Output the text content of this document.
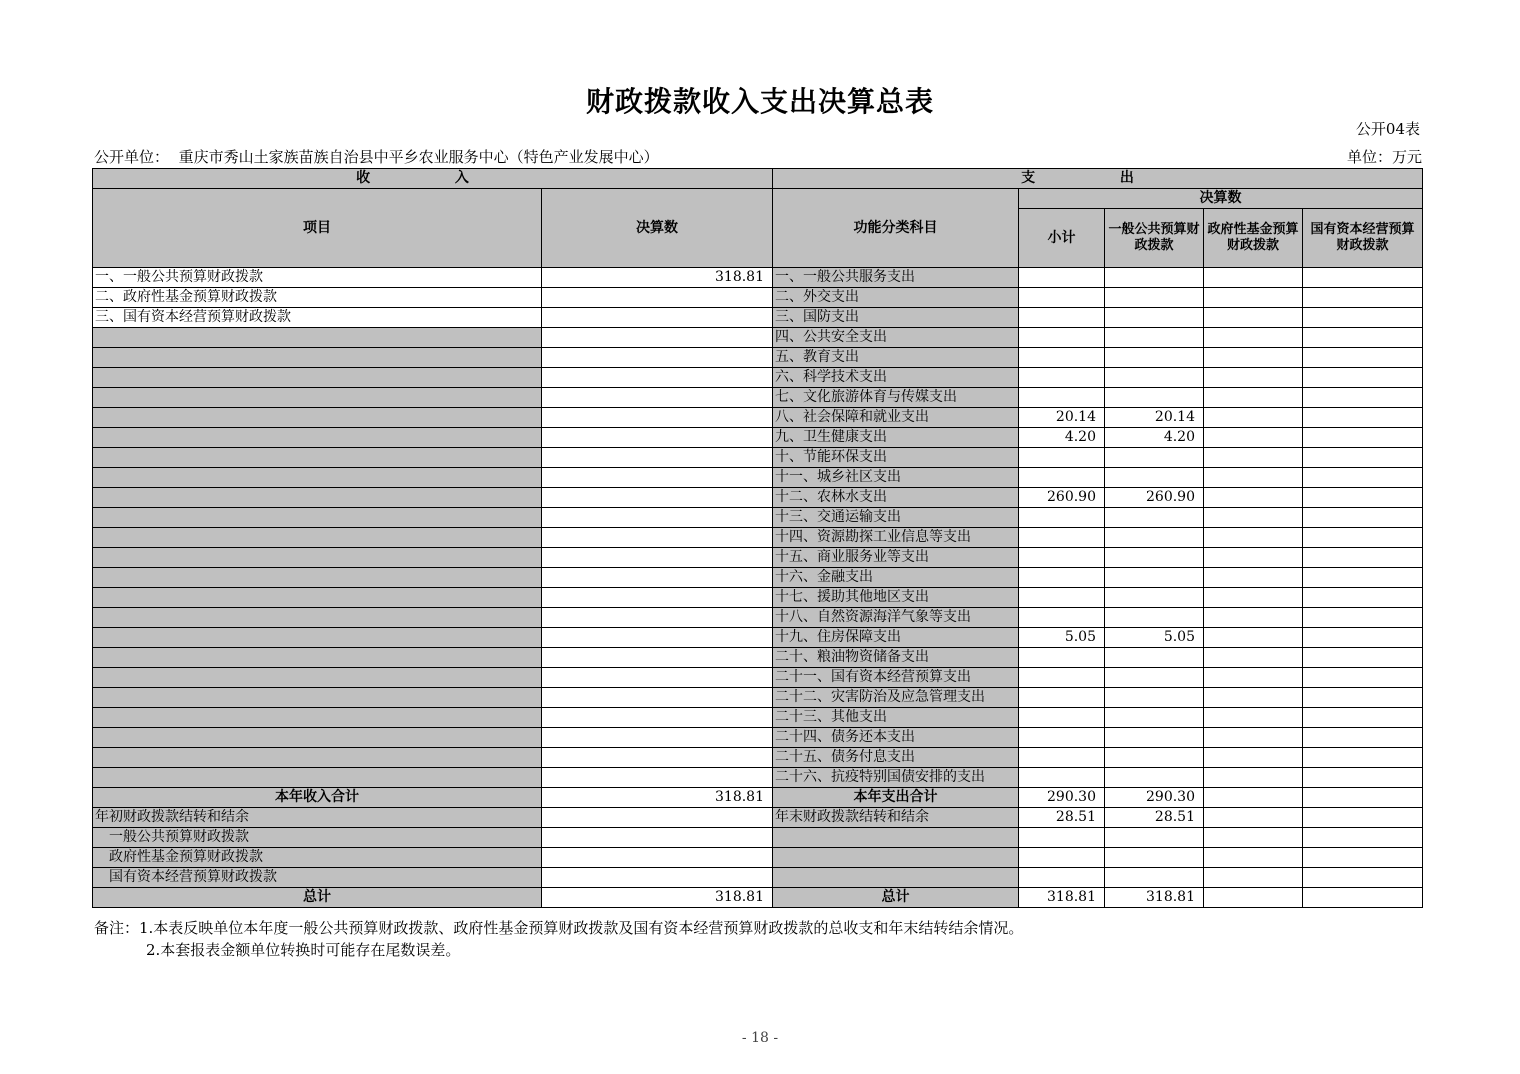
财政拨款收入支出决算总表
公开04表
公开单位： 重庆市秀山土家族苗族自治县中平乡农业服务中心（特色产业发展中心）	单位：万元
收 入		支 出				
项目	决算数	功能分类科目	决算数			
			小计	一般公共预算财政拨款	政府性基金预算财政拨款	国有资本经营预算财政拨款
一、一般公共预算财政拨款	318.81	一、一般公共服务支出				
二、政府性基金预算财政拨款		二、外交支出				
三、国有资本经营预算财政拨款		三、国防支出				
		四、公共安全支出				
		五、教育支出				
		六、科学技术支出				
		七、文化旅游体育与传媒支出				
		八、社会保障和就业支出	20.14	20.14		
		九、卫生健康支出	4.20	4.20		
		十、节能环保支出				
		十一、城乡社区支出				
		十二、农林水支出	260.90	260.90		
		十三、交通运输支出				
		十四、资源勘探工业信息等支出				
		十五、商业服务业等支出				
		十六、金融支出				
		十七、援助其他地区支出				
		十八、自然资源海洋气象等支出				
		十九、住房保障支出	5.05	5.05		
		二十、粮油物资储备支出				
		二十一、国有资本经营预算支出				
		二十二、灾害防治及应急管理支出				
		二十三、其他支出				
		二十四、债务还本支出				
		二十五、债务付息支出				
		二十六、抗疫特别国债安排的支出				
本年收入合计	318.81	本年支出合计	290.30	290.30		
年初财政拨款结转和结余		年末财政拨款结转和结余	28.51	28.51		
一般公共预算财政拨款						
政府性基金预算财政拨款						
国有资本经营预算财政拨款						
总计	318.81	总计	318.81	318.81		
备注：1.本表反映单位本年度一般公共预算财政拨款、政府性基金预算财政拨款及国有资本经营预算财政拨款的总收支和年末结转结余情况。
2.本套报表金额单位转换时可能存在尾数误差。
- 18 -
